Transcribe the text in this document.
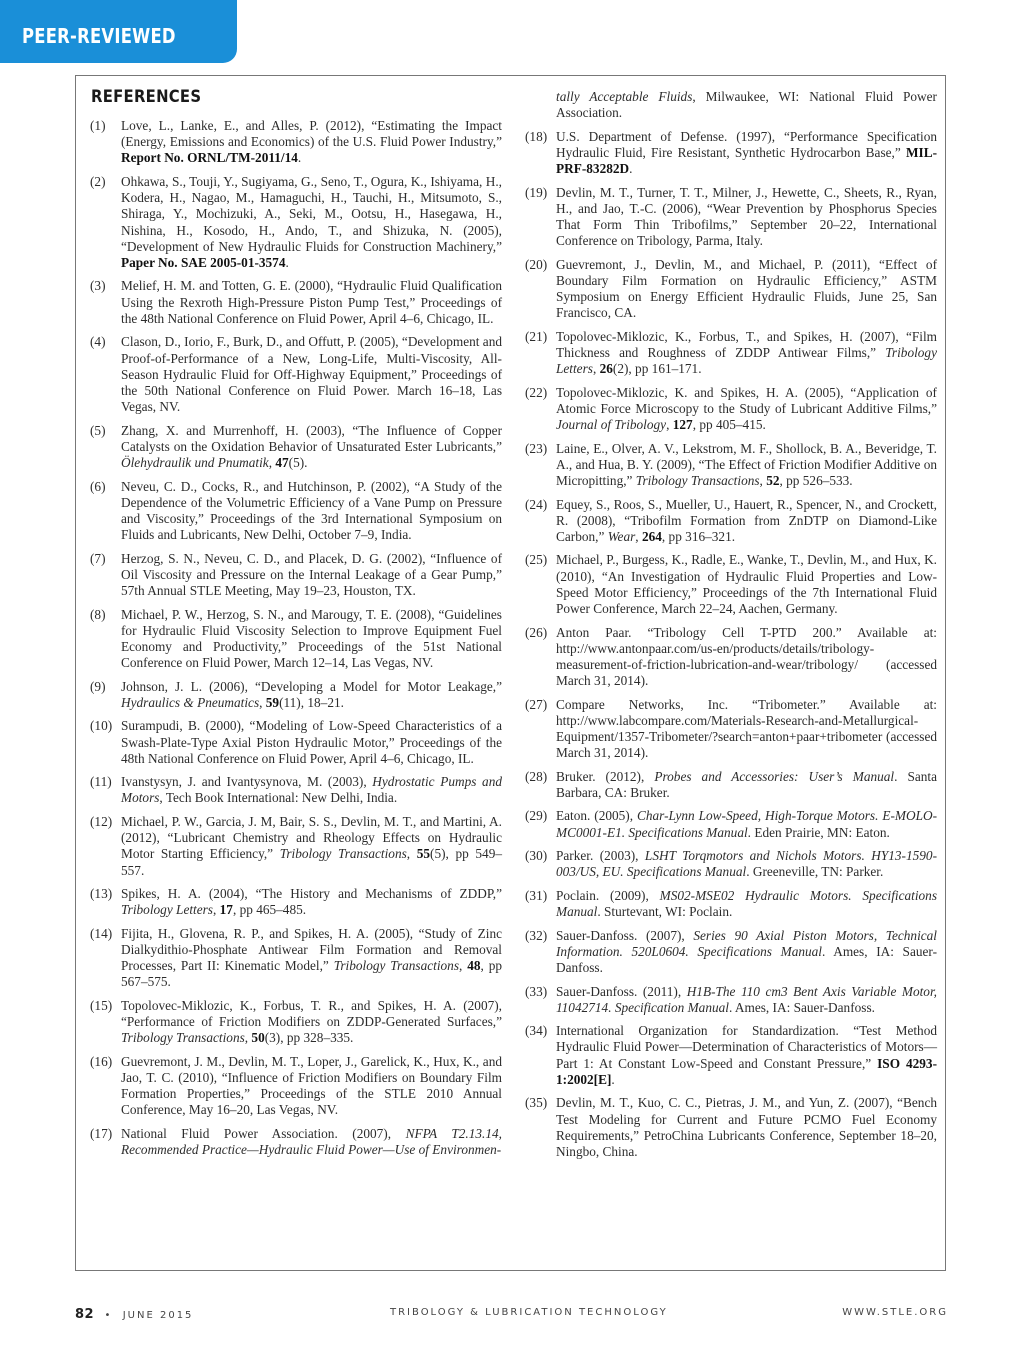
PEER-REVIEWED
REFERENCES
(1) Love, L., Lanke, E., and Alles, P. (2012), “Estimating the Impact (Energy, Emissions and Economics) of the U.S. Fluid Power Industry,” Report No. ORNL/TM-2011/14.
(2) Ohkawa, S., Touji, Y., Sugiyama, G., Seno, T., Ogura, K., Ishiyama, H., Kodera, H., Nagao, M., Hamaguchi, H., Tauchi, H., Mitsumoto, S., Shiraga, Y., Mochizuki, A., Seki, M., Ootsu, H., Hasegawa, H., Nishina, H., Kosodo, H., Ando, T., and Shizuka, N. (2005), “Development of New Hydraulic Fluids for Construction Machinery,” Paper No. SAE 2005-01-3574.
(3) Melief, H. M. and Totten, G. E. (2000), “Hydraulic Fluid Qualification Using the Rexroth High-Pressure Piston Pump Test,” Proceedings of the 48th National Conference on Fluid Power, April 4–6, Chicago, IL.
(4) Clason, D., Iorio, F., Burk, D., and Offutt, P. (2005), “Development and Proof-of-Performance of a New, Long-Life, Multi-Viscosity, All-Season Hydraulic Fluid for Off-Highway Equipment,” Proceedings of the 50th National Conference on Fluid Power. March 16–18, Las Vegas, NV.
(5) Zhang, X. and Murrenhoff, H. (2003), “The Influence of Copper Catalysts on the Oxidation Behavior of Unsaturated Ester Lubricants,” Ölehydraulik und Pnumatik, 47(5).
(6) Neveu, C. D., Cocks, R., and Hutchinson, P. (2002), “A Study of the Dependence of the Volumetric Efficiency of a Vane Pump on Pressure and Viscosity,” Proceedings of the 3rd International Symposium on Fluids and Lubricants, New Delhi, October 7–9, India.
(7) Herzog, S. N., Neveu, C. D., and Placek, D. G. (2002), “Influence of Oil Viscosity and Pressure on the Internal Leakage of a Gear Pump,” 57th Annual STLE Meeting, May 19–23, Houston, TX.
(8) Michael, P. W., Herzog, S. N., and Marougy, T. E. (2008), “Guidelines for Hydraulic Fluid Viscosity Selection to Improve Equipment Fuel Economy and Productivity,” Proceedings of the 51st National Conference on Fluid Power, March 12–14, Las Vegas, NV.
(9) Johnson, J. L. (2006), “Developing a Model for Motor Leakage,” Hydraulics & Pneumatics, 59(11), 18–21.
(10) Surampudi, B. (2000), “Modeling of Low-Speed Characteristics of a Swash-Plate-Type Axial Piston Hydraulic Motor,” Proceedings of the 48th National Conference on Fluid Power, April 4–6, Chicago, IL.
(11) Ivanstysyn, J. and Ivantysynova, M. (2003), Hydrostatic Pumps and Motors, Tech Book International: New Delhi, India.
(12) Michael, P. W., Garcia, J. M, Bair, S. S., Devlin, M. T., and Martini, A. (2012), “Lubricant Chemistry and Rheology Effects on Hydraulic Motor Starting Efficiency,” Tribology Transactions, 55(5), pp 549–557.
(13) Spikes, H. A. (2004), “The History and Mechanisms of ZDDP,” Tribology Letters, 17, pp 465–485.
(14) Fijita, H., Glovena, R. P., and Spikes, H. A. (2005), “Study of Zinc Dialkydithio-Phosphate Antiwear Film Formation and Removal Processes, Part II: Kinematic Model,” Tribology Transactions, 48, pp 567–575.
(15) Topolovec-Miklozic, K., Forbus, T. R., and Spikes, H. A. (2007), “Performance of Friction Modifiers on ZDDP-Generated Surfaces,” Tribology Transactions, 50(3), pp 328–335.
(16) Guevremont, J. M., Devlin, M. T., Loper, J., Garelick, K., Hux, K., and Jao, T. C. (2010), “Influence of Friction Modifiers on Boundary Film Formation Properties,” Proceedings of the STLE 2010 Annual Conference, May 16–20, Las Vegas, NV.
(17) National Fluid Power Association. (2007), NFPA T2.13.14, Recommended Practice—Hydraulic Fluid Power—Use of Environmen-
tally Acceptable Fluids, Milwaukee, WI: National Fluid Power Association.
(18) U.S. Department of Defense. (1997), “Performance Specification Hydraulic Fluid, Fire Resistant, Synthetic Hydrocarbon Base,” MIL-PRF-83282D.
(19) Devlin, M. T., Turner, T. T., Milner, J., Hewette, C., Sheets, R., Ryan, H., and Jao, T.-C. (2006), “Wear Prevention by Phosphorus Species That Form Thin Tribofilms,” September 20–22, International Conference on Tribology, Parma, Italy.
(20) Guevremont, J., Devlin, M., and Michael, P. (2011), “Effect of Boundary Film Formation on Hydraulic Efficiency,” ASTM Symposium on Energy Efficient Hydraulic Fluids, June 25, San Francisco, CA.
(21) Topolovec-Miklozic, K., Forbus, T., and Spikes, H. (2007), “Film Thickness and Roughness of ZDDP Antiwear Films,” Tribology Letters, 26(2), pp 161–171.
(22) Topolovec-Miklozic, K. and Spikes, H. A. (2005), “Application of Atomic Force Microscopy to the Study of Lubricant Additive Films,” Journal of Tribology, 127, pp 405–415.
(23) Laine, E., Olver, A. V., Lekstrom, M. F., Shollock, B. A., Beveridge, T. A., and Hua, B. Y. (2009), “The Effect of Friction Modifier Additive on Micropitting,” Tribology Transactions, 52, pp 526–533.
(24) Equey, S., Roos, S., Mueller, U., Hauert, R., Spencer, N., and Crockett, R. (2008), “Tribofilm Formation from ZnDTP on Diamond-Like Carbon,” Wear, 264, pp 316–321.
(25) Michael, P., Burgess, K., Radle, E., Wanke, T., Devlin, M., and Hux, K. (2010), “An Investigation of Hydraulic Fluid Properties and Low-Speed Motor Efficiency,” Proceedings of the 7th International Fluid Power Conference, March 22–24, Aachen, Germany.
(26) Anton Paar. “Tribology Cell T-PTD 200.” Available at: http://www.antonpaar.com/us-en/products/details/tribology-measurement-of-friction-lubrication-and-wear/tribology/ (accessed March 31, 2014).
(27) Compare Networks, Inc. “Tribometer.” Available at: http://www.labcompare.com/Materials-Research-and-Metallurgical-Equipment/1357-Tribometer/?search=anton+paar+tribometer (accessed March 31, 2014).
(28) Bruker. (2012), Probes and Accessories: User’s Manual. Santa Barbara, CA: Bruker.
(29) Eaton. (2005), Char-Lynn Low-Speed, High-Torque Motors. E-MOLO-MC0001-E1. Specifications Manual. Eden Prairie, MN: Eaton.
(30) Parker. (2003), LSHT Torqmotors and Nichols Motors. HY13-1590-003/US, EU. Specifications Manual. Greeneville, TN: Parker.
(31) Poclain. (2009), MS02-MSE02 Hydraulic Motors. Specifications Manual. Sturtevant, WI: Poclain.
(32) Sauer-Danfoss. (2007), Series 90 Axial Piston Motors, Technical Information. 520L0604. Specifications Manual. Ames, IA: Sauer-Danfoss.
(33) Sauer-Danfoss. (2011), H1B-The 110 cm3 Bent Axis Variable Motor, 11042714. Specification Manual. Ames, IA: Sauer-Danfoss.
(34) International Organization for Standardization. “Test Method Hydraulic Fluid Power—Determination of Characteristics of Motors—Part 1: At Constant Low-Speed and Constant Pressure,” ISO 4293-1:2002[E].
(35) Devlin, M. T., Kuo, C. C., Pietras, J. M., and Yun, Z. (2007), “Bench Test Modeling for Current and Future PCMO Fuel Economy Requirements,” PetroChina Lubricants Conference, September 18–20, Ningbo, China.
82 • JUNE 2015	TRIBOLOGY & LUBRICATION TECHNOLOGY	WWW.STLE.ORG
